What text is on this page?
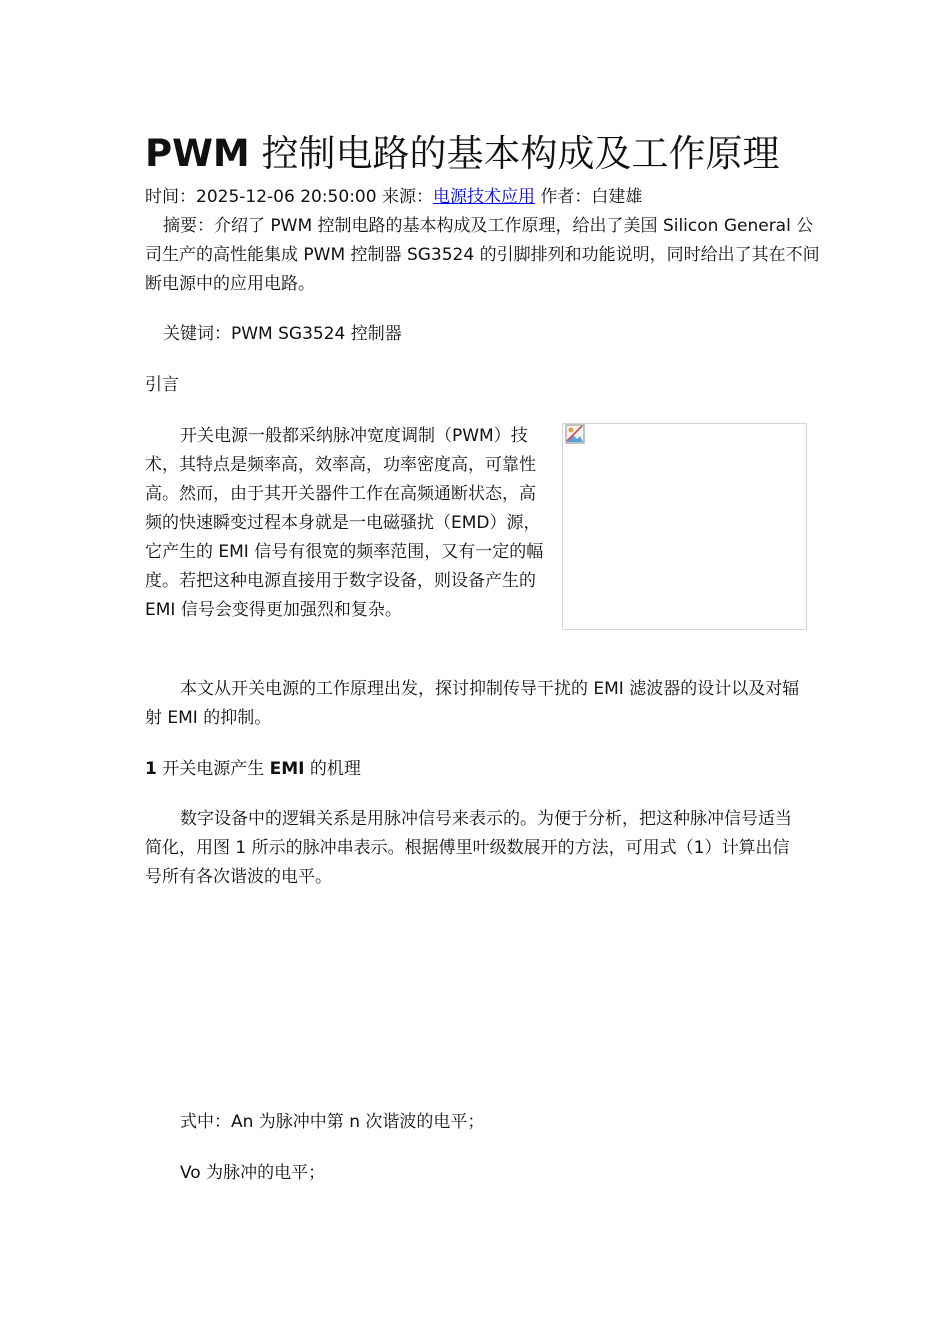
PWM 控制电路的基本构成及工作原理
时间：2025-12-06 20:50:00 来源：电源技术应用 作者：白建雄
摘要：介绍了 PWM 控制电路的基本构成及工作原理，给出了美国 Silicon General 公司生产的高性能集成 PWM 控制器 SG3524 的引脚排列和功能说明，同时给出了其在不间断电源中的应用电路。

关键词：PWM SG3524 控制器

引言

开关电源一般都采纳脉冲宽度调制（PWM）技术，其特点是频率高，效率高，功率密度高，可靠性高。然而，由于其开关器件工作在高频通断状态，高频的快速瞬变过程本身就是一电磁骚扰（EMD）源，它产生的 EMI 信号有很宽的频率范围，又有一定的幅度。若把这种电源直接用于数字设备，则设备产生的 EMI 信号会变得更加强烈和复杂。

本文从开关电源的工作原理出发，探讨抑制传导干扰的 EMI 滤波器的设计以及对辐射 EMI 的抑制。

1 开关电源产生 EMI 的机理

数字设备中的逻辑关系是用脉冲信号来表示的。为便于分析，把这种脉冲信号适当简化，用图 1 所示的脉冲串表示。根据傅里叶级数展开的方法，可用式（1）计算出信号所有各次谐波的电平。

式中：An 为脉冲中第 n 次谐波的电平；

Vo 为脉冲的电平；
